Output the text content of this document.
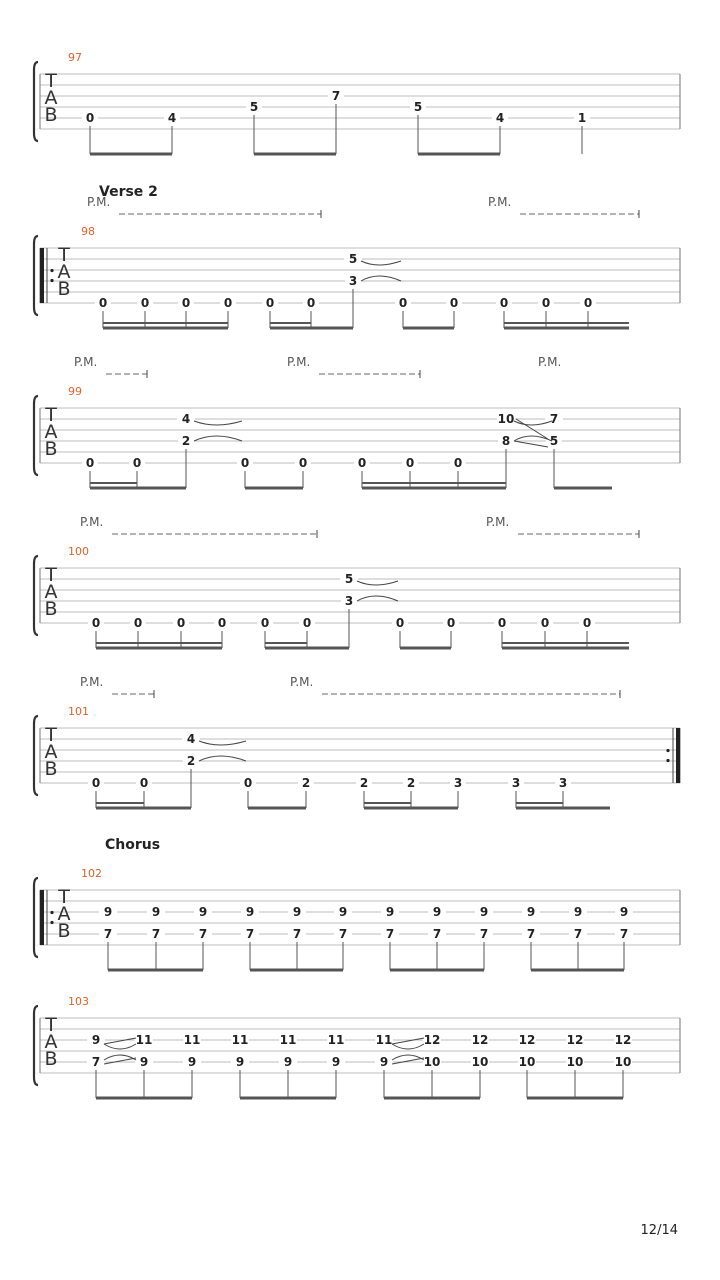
T
A
B
97
0	4
5
7
5
4	1
T
A
B
98
Verse 2
P.M.	P.M.
0	0	0	0	0	0
5
3
0	0	0	0	0
T
A
B
99
P.M.	P.M.	P.M.
0	0
4
2
0	0	0	0	0
10
8
7
5
T
A
B
100
P.M.	P.M.
0	0	0	0	0	0
5
3
0	0	0	0	0
T
A
B
101
P.M.	P.M.
0	0
4
2
0	2	2	2	3	3	3
T
A
B
102
Chorus
9
7
9
7
9
7
9
7
9
7
9
7
9
7
9
7
9
7
9
7
9
7
9
7
T
A
B
103
9
7
11
9
11
9
11
9
11
9
11
9
11
9
12
10
12
10
12
10
12
10
12
10
12/14
